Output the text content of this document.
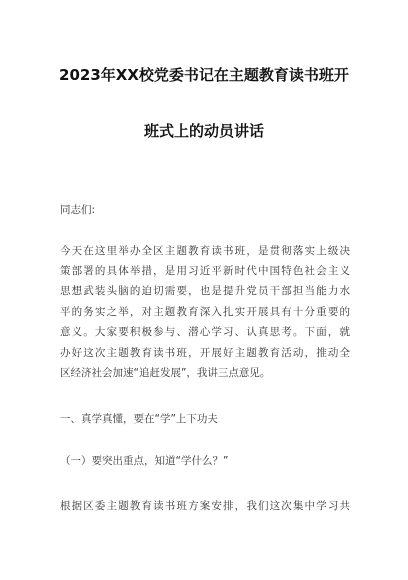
2023年XX校党委书记在主题教育读书班开
班式上的动员讲话
同志们:
今天在这里举办全区主题教育读书班，是贯彻落实上级决
策部署的具体举措，是用习近平新时代中国特色社会主义
思想武装头脑的迫切需要，也是提升党员干部担当能力水
平的务实之举，对主题教育深入扎实开展具有十分重要的
意义。大家要积极参与、潜心学习、认真思考。下面，就
办好这次主题教育读书班，开展好主题教育活动，推动全
区经济社会加速“追赶发展”，我讲三点意见。
一、真学真懂，要在“学”上下功夫
（一）要突出重点，知道“学什么？”
根据区委主题教育读书班方案安排，我们这次集中学习共
